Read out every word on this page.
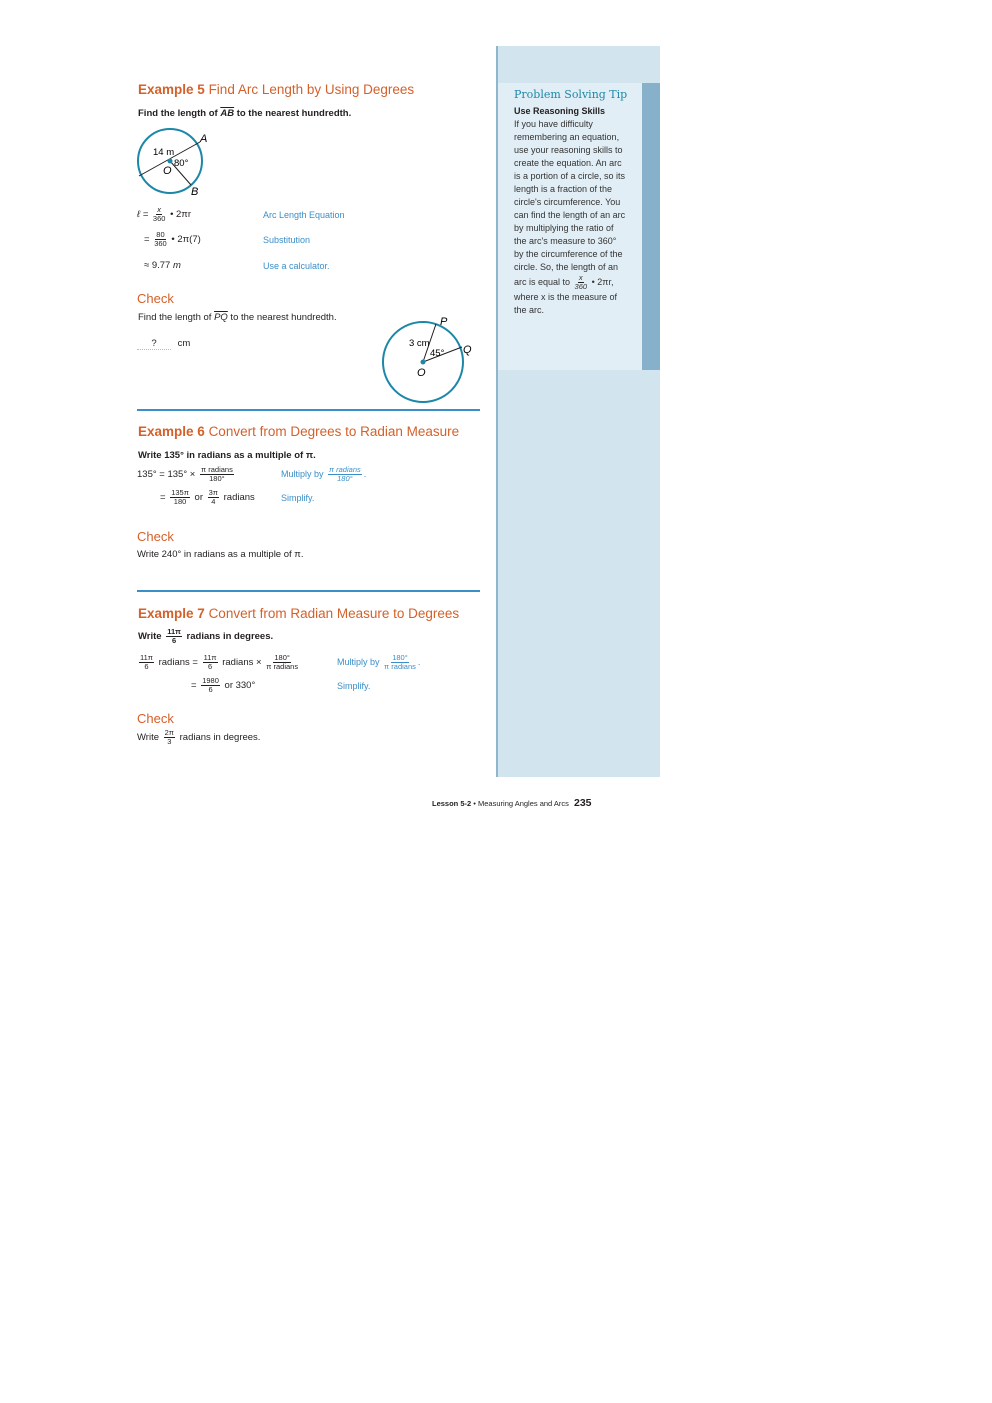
Problem Solving Tip
Use Reasoning Skills
If you have difficulty remembering an equation, use your reasoning skills to create the equation. An arc is a portion of a circle, so its length is a fraction of the circle's circumference. You can find the length of an arc by multiplying the ratio of the arc's measure to 360° by the circumference of the circle. So, the length of an arc is equal to $\frac{x}{360}$ • 2πr, where x is the measure of the arc.
Example 5 Find Arc Length by Using Degrees
Find the length of $\overline{AB}$ to the nearest hundredth.
A
B
O
14 m
80°
ℓ = $\frac{x}{360}$ • 2πr	Arc Length Equation
= $\frac{80}{360}$ • 2π(7)	Substitution
≈ 9.77 m	Use a calculator.
Check
Find the length of $\overline{PQ}$ to the nearest hundredth.
? cm
P
Q
O
3 cm
45°
Example 6 Convert from Degrees to Radian Measure
Write 135° in radians as a multiple of π.
$135^\circ = 135^\circ \times \frac{\text{π radians}}{180^\circ}$	Multiply by $\frac{\text{π radians}}{180^\circ}$ .
= $\frac{135\pi}{180}$ or $\frac{3\pi}{4}$ radians	Simplify.
Check
Write 240° in radians as a multiple of π.
Example 7 Convert from Radian Measure to Degrees
Write $\frac{11\pi}{6}$ radians in degrees.
$\frac{11\pi}{6}$ radians = $\frac{11\pi}{6}$ radians × $\frac{180^\circ}{\text{π radians}}$	Multiply by $\frac{180^\circ}{\text{π radians}}$ .
= $\frac{1980}{6}$ or 330°	Simplify.
Check
Write $\frac{2\pi}{3}$ radians in degrees.
Lesson 5-2 • Measuring Angles and Arcs 235
